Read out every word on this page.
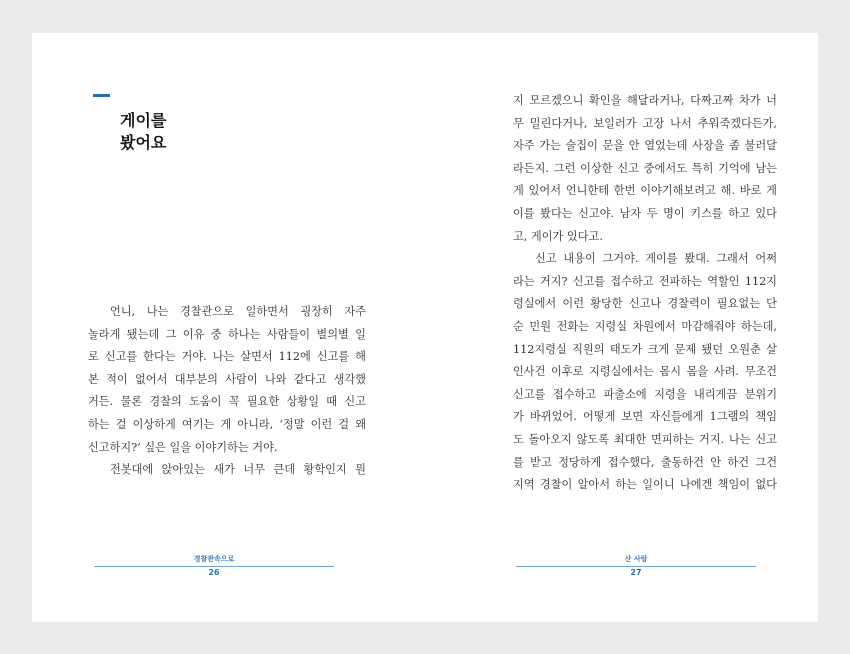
게이를
봤어요
언니, 나는 경찰관으로 일하면서 굉장히 자주
놀라게 됐는데 그 이유 중 하나는 사람들이 별의별 일
로 신고를 한다는 거야. 나는 살면서 112에 신고를 해
본 적이 없어서 대부분의 사람이 나와 같다고 생각했
거든. 물론 경찰의 도움이 꼭 필요한 상황일 때 신고
하는 걸 이상하게 여기는 게 아니라, ‘정말 이런 걸 왜
신고하지?’ 싶은 일을 이야기하는 거야.
전봇대에 앉아있는 새가 너무 큰데 황학인지 뭔
경찰관속으로
26
지 모르겠으니 확인을 해달라거나, 다짜고짜 차가 너
무 밀린다거나, 보일러가 고장 나서 추워죽겠다든가,
자주 가는 술집이 문을 안 열었는데 사장을 좀 불러달
라든지. 그런 이상한 신고 중에서도 특히 기억에 남는
게 있어서 언니한테 한번 이야기해보려고 해. 바로 게
이를 봤다는 신고야. 남자 두 명이 키스를 하고 있다
고, 게이가 있다고.
신고 내용이 그거야. 게이를 봤대. 그래서 어쩌
라는 거지? 신고를 접수하고 전파하는 역할인 112지
령실에서 이런 황당한 신고나 경찰력이 필요없는 단
순 민원 전화는 지령실 차원에서 마감해줘야 하는데,
112지령실 직원의 태도가 크게 문제 됐던 오원춘 살
인사건 이후로 지령실에서는 몸시 몸을 사려. 무조건
신고를 접수하고 파출소에 지령을 내리게끔 분위기
가 바뀌었어. 어떻게 보면 자신들에게 1그램의 책임
도 돌아오지 않도록 최대한 면피하는 거지. 나는 신고
를 받고 정당하게 접수했다, 출동하건 안 하건 그건
지역 경찰이 알아서 하는 일이니 나에겐 책임이 없다
산 사람
27
